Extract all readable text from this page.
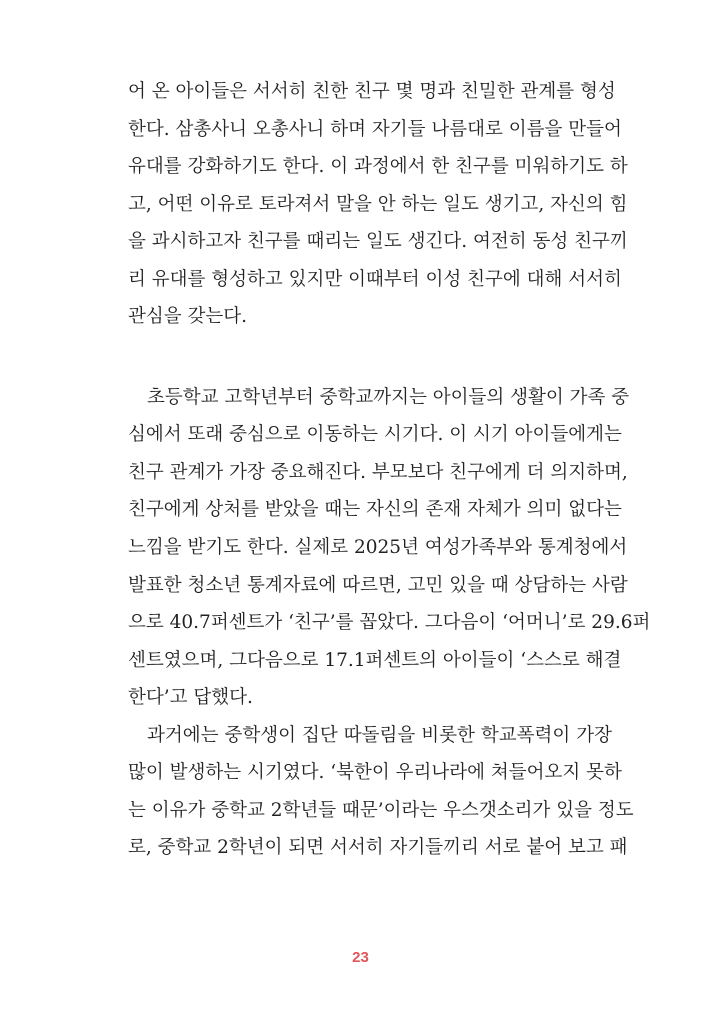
어 온 아이들은 서서히 친한 친구 몇 명과 친밀한 관계를 형성
한다. 삼총사니 오총사니 하며 자기들 나름대로 이름을 만들어
유대를 강화하기도 한다. 이 과정에서 한 친구를 미워하기도 하
고, 어떤 이유로 토라져서 말을 안 하는 일도 생기고, 자신의 힘
을 과시하고자 친구를 때리는 일도 생긴다. 여전히 동성 친구끼
리 유대를 형성하고 있지만 이때부터 이성 친구에 대해 서서히
관심을 갖는다.
초등학교 고학년부터 중학교까지는 아이들의 생활이 가족 중
심에서 또래 중심으로 이동하는 시기다. 이 시기 아이들에게는
친구 관계가 가장 중요해진다. 부모보다 친구에게 더 의지하며,
친구에게 상처를 받았을 때는 자신의 존재 자체가 의미 없다는
느낌을 받기도 한다. 실제로 2025년 여성가족부와 통계청에서
발표한 청소년 통계자료에 따르면, 고민 있을 때 상담하는 사람
으로 40.7퍼센트가 ‘친구’를 꼽았다. 그다음이 ‘어머니’로 29.6퍼
센트였으며, 그다음으로 17.1퍼센트의 아이들이 ‘스스로 해결
한다’고 답했다.
과거에는 중학생이 집단 따돌림을 비롯한 학교폭력이 가장
많이 발생하는 시기였다. ‘북한이 우리나라에 쳐들어오지 못하
는 이유가 중학교 2학년들 때문’이라는 우스갯소리가 있을 정도
로, 중학교 2학년이 되면 서서히 자기들끼리 서로 붙어 보고 패
23
